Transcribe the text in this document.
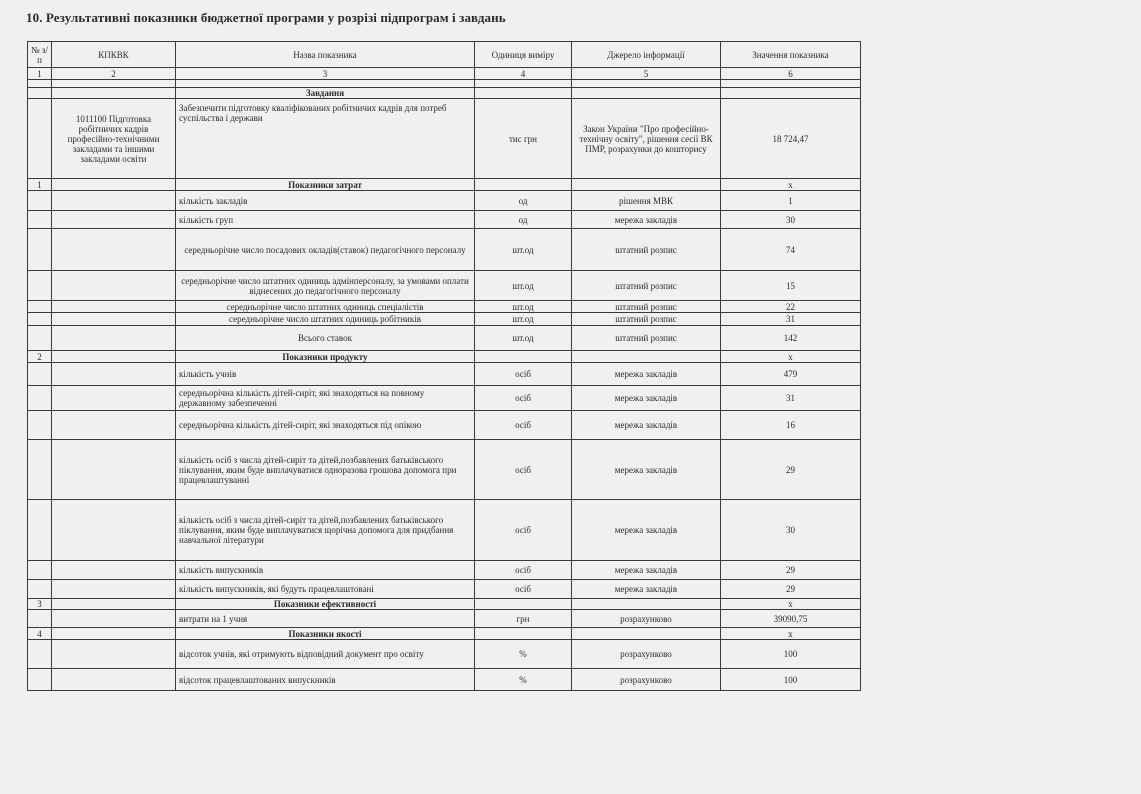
10. Результативні показники бюджетної програми у розрізі підпрограм і завдань
№ з/п	КПКВК	Назва показника	Одиниця виміру	Джерело інформації	Значення показника
1	2	3	4	5	6

		Завдання			
	1011100 Підготовка робітничих кадрів професійно-технічними закладами та іншими закладами освіти	Забезпечити підготовку кваліфікованих робітничих кадрів для потреб суспільства і держави	тис грн	Закон України "Про професійно-технічну освіту", рішення сесії ВК ПМР, розрахунки до кошторису	18 724,47
1		Показники затрат			х
		кількість закладів	од	рішення МВК	1
		кількість груп	од	мережа закладів	30
		середньорічне число посадових окладів(ставок) педагогічного персоналу	шт.од	штатний розпис	74
		середньорічне число штатних одиниць адмінперсоналу, за умовами оплати віднесених до педагогічного персоналу	шт.од	штатний розпис	15
		середньорічне число штатних одиниць спеціалістів	шт.од	штатний розпис	22
		середньорічне число штатних одиниць робітників	шт.од	штатний розпис	31
		Всього ставок	шт.од	штатний розпис	142
2		Показники продукту			х
		кількість учнів	осіб	мережа закладів	479
		середньорічна кількість дітей-сиріт, які знаходяться на повному державному забезпеченні	осіб	мережа закладів	31
		середньорічна кількість дітей-сиріт, які знаходяться під опікою	осіб	мережа закладів	16
		кількість осіб з числа дітей-сиріт та дітей,позбавлених батьківського піклування, яким буде виплачуватися одноразова грошова допомога при працевлаштуванні	осіб	мережа закладів	29
		кількість осіб з числа дітей-сиріт та дітей,позбавлених батьківського піклування, яким буде виплачуватися щорічна допомога для придбання навчальної літератури	осіб	мережа закладів	30
		кількість випускників	осіб	мережа закладів	29
		кількість випускників, які будуть працевлаштовані	осіб	мережа закладів	29
3		Показники ефективності			х
		витрати на 1 учня	грн	розрахунково	39090,75
4		Показники якості			х
		відсоток учнів, які отримують відповідний документ про освіту	%	розрахунково	100
		відсоток працевлаштованих випускників	%	розрахунково	100
